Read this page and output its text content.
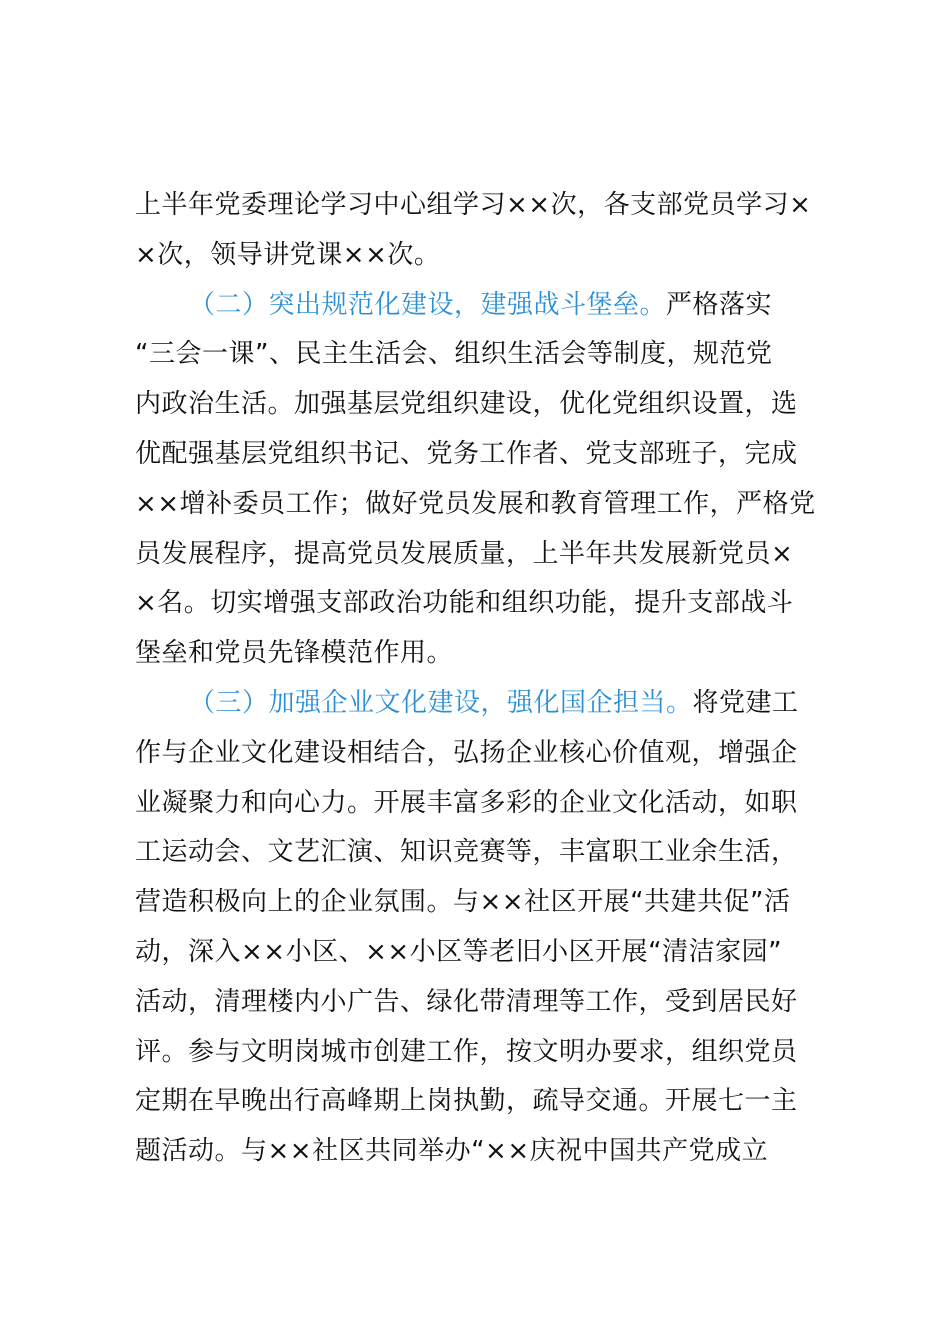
上半年党委理论学习中心组学习××次，各支部党员学习×
×次，领导讲党课××次。
（二）突出规范化建设，建强战斗堡垒。严格落实
“三会一课”、民主生活会、组织生活会等制度，规范党
内政治生活。加强基层党组织建设，优化党组织设置，选
优配强基层党组织书记、党务工作者、党支部班子，完成
××增补委员工作；做好党员发展和教育管理工作，严格党
员发展程序，提高党员发展质量，上半年共发展新党员×
×名。切实增强支部政治功能和组织功能，提升支部战斗
堡垒和党员先锋模范作用。
（三）加强企业文化建设，强化国企担当。将党建工
作与企业文化建设相结合，弘扬企业核心价值观，增强企
业凝聚力和向心力。开展丰富多彩的企业文化活动，如职
工运动会、文艺汇演、知识竞赛等，丰富职工业余生活，
营造积极向上的企业氛围。与××社区开展“共建共促”活
动，深入××小区、××小区等老旧小区开展“清洁家园”
活动，清理楼内小广告、绿化带清理等工作，受到居民好
评。参与文明岗城市创建工作，按文明办要求，组织党员
定期在早晚出行高峰期上岗执勤，疏导交通。开展七一主
题活动。与××社区共同举办“××庆祝中国共产党成立
